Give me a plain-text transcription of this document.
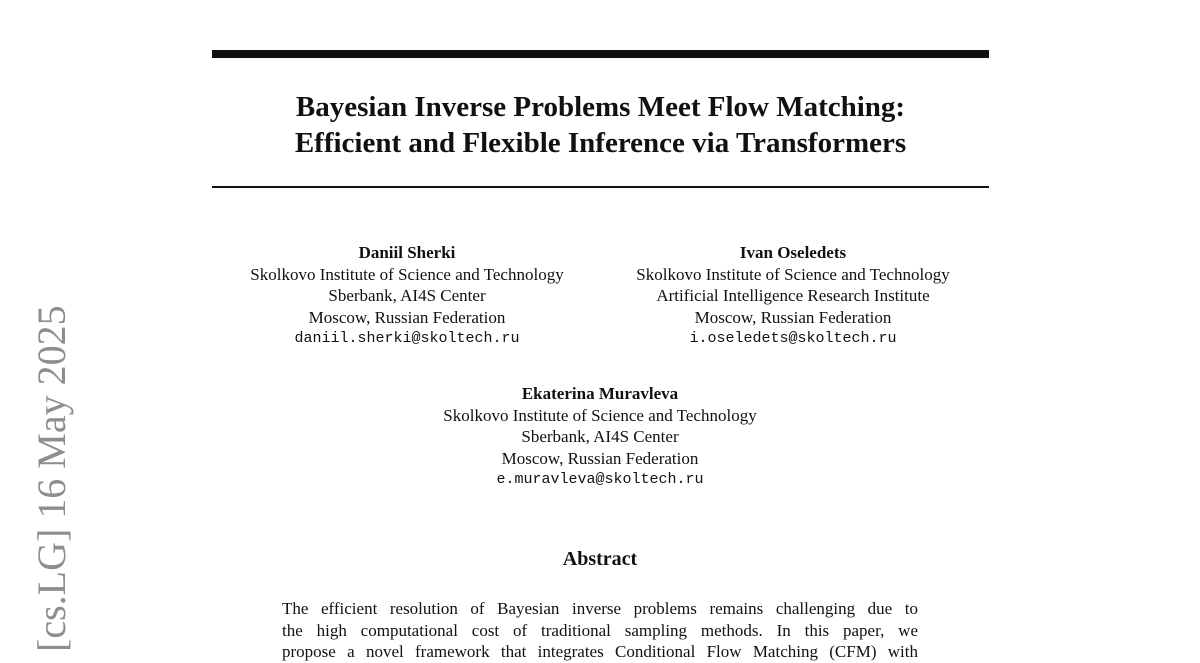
[cs.LG] 16 May 2025
Bayesian Inverse Problems Meet Flow Matching:
Efficient and Flexible Inference via Transformers
Daniil Sherki
Skolkovo Institute of Science and Technology
Sberbank, AI4S Center
Moscow, Russian Federation
daniil.sherki@skoltech.ru
Ivan Oseledets
Skolkovo Institute of Science and Technology
Artificial Intelligence Research Institute
Moscow, Russian Federation
i.oseledets@skoltech.ru
Ekaterina Muravleva
Skolkovo Institute of Science and Technology
Sberbank, AI4S Center
Moscow, Russian Federation
e.muravleva@skoltech.ru
Abstract
The efficient resolution of Bayesian inverse problems remains challenging due to
the high computational cost of traditional sampling methods. In this paper, we
propose a novel framework that integrates Conditional Flow Matching (CFM) with
